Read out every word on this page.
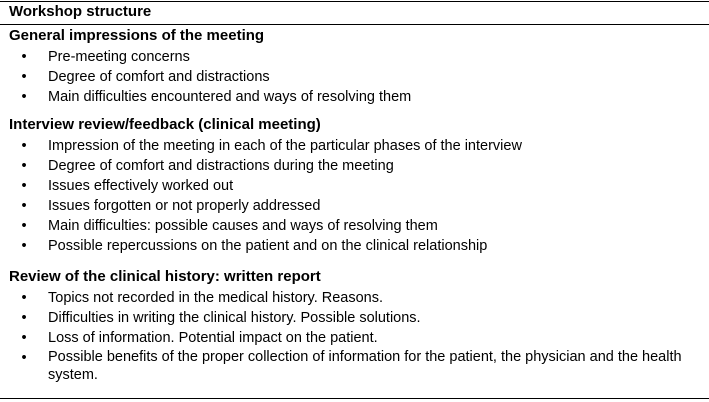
Workshop structure
General impressions of the meeting
•	Pre-meeting concerns
•	Degree of comfort and distractions
•	Main difficulties encountered and ways of resolving them
Interview review/feedback (clinical meeting)
•	Impression of the meeting in each of the particular phases of the interview
•	Degree of comfort and distractions during the meeting
•	Issues effectively worked out
•	Issues forgotten or not properly addressed
•	Main difficulties: possible causes and ways of resolving them
•	Possible repercussions on the patient and on the clinical relationship
Review of the clinical history: written report
•	Topics not recorded in the medical history. Reasons.
•	Difficulties in writing the clinical history. Possible solutions.
•	Loss of information. Potential impact on the patient.
•	Possible benefits of the proper collection of information for the patient, the physician and the health system.
